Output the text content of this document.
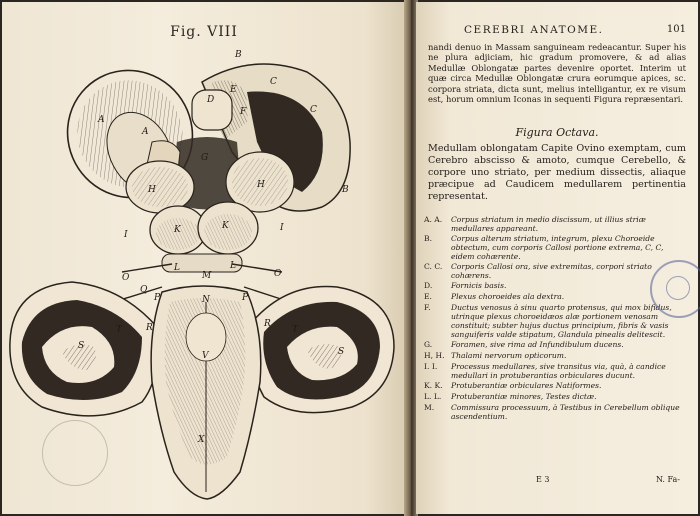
Fig. VIII
B
C
C
B
A
A
D
E
F
G
H	H
I
I
K	K
L	L
M
N
O	O
P	P
Q
R	R
S
S
T	T
V
X
CEREBRI ANATOME.	101

nandi denuo in Massam sanguineam redeacantur. Super his ne plura adjiciam, hic gradum promovere, & ad alias Medullæ Oblongatæ partes devenire oportet. Interim ut quæ circa Medullæ Oblongatæ crura eorumque apices, sc. corpora striata, dicta sunt, melius intelligantur, ex re visum est, horum omnium Iconas in sequenti Figura repræsentari.

Figura Octava.
Medullam oblongatam Capite Ovino exemptam, cum Cerebro abscisso & amoto, cumque Cerebello, & corpore uno striato, per medium dissectis, aliaque præcipue ad Caudicem medullarem pertinentia representat.
A. A.	Corpus striatum in medio discissum, ut illius striæ medullares appareant.
B.	Corpus alterum striatum, integrum, plexu Choroeide obtectum, cum corporis Callosi portione extrema, C, C, eidem cohærente.
C. C.	Corporis Callosi ora, sive extremitas, corpori striato cohærens.
D.	Fornicis basis.
E.	Plexus choroeides ala dextra.
F.	Ductus venosus à sinu quarto protensus, qui mox bifidus, utrinque plexus choroeidæos alæ portionem venosam constituit; subter hujus ductus principium, fibris & vasis sanguiferis valde stipatum, Glandula pinealis delitescit.
G.	Foramen, sive rima ad Infundibulum ducens.
H, H. Thalami nervorum opticorum.
I. I.	Processus medullares, sive transitus via, quà, à candice medullari in protuberantias orbiculares ducunt.
K. K.	Protuberantiæ orbiculares Natiformes.
L. L.	Protuberantiæ minores, Testes dictæ.
M.	Commissura processuum, à Testibus in Cerebellum oblique ascendentium.
E 3	N. Fa-
